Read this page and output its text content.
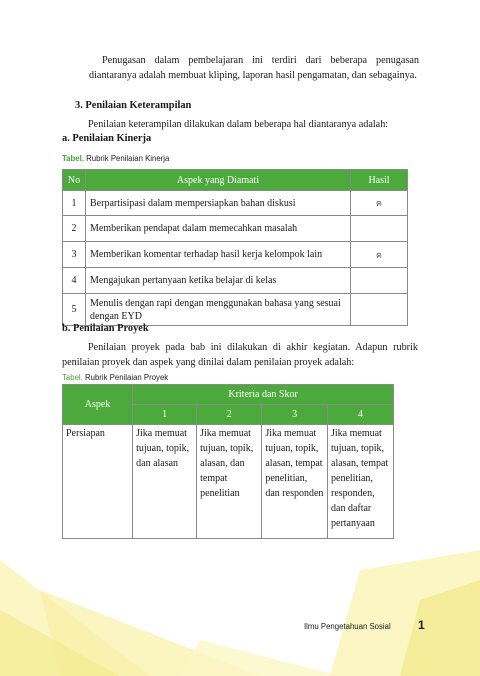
Penugasan dalam pembelajaran ini terdiri dari beberapa penugasan diantaranya adalah membuat kliping, laporan hasil pengamatan, dan sebagainya.
3. Penilaian Keterampilan
Penilaian keterampilan dilakukan dalam beberapa hal diantaranya adalah:
a. Penilaian Kinerja
Tabel. Rubrik Penilaian Kinerja
No	Aspek yang Diamati	Hasil
1	Berpartisipasi dalam mempersiapkan bahan diskusi	ฅ
2	Memberikan pendapat dalam memecahkan masalah	
3	Memberikan komentar terhadap hasil kerja kelompok lain	ฅ
4	Mengajukan pertanyaan ketika belajar di kelas	
5	Menulis dengan rapi dengan menggunakan bahasa yang sesuai dengan EYD	
b. Penilaian Proyek
Penilaian proyek pada bab ini dilakukan di akhir kegiatan. Adapun rubrik penilaian proyek dan aspek yang dinilai dalam penilaian proyek adalah:
Tabel. Rubrik Penilaian Proyek
Aspek	Kriteria dan Skor			
	1	2	3	4
Persiapan	Jika memuat tujuan, topik, dan alasan	Jika memuat tujuan, topik, alasan, dan tempat penelitian	Jika memuat tujuan, topik, alasan, tempat penelitian, dan responden	Jika memuat tujuan, topik, alasan, tempat penelitian, responden, dan daftar pertanyaan
Ilmu Pengetahuan Sosial 1
